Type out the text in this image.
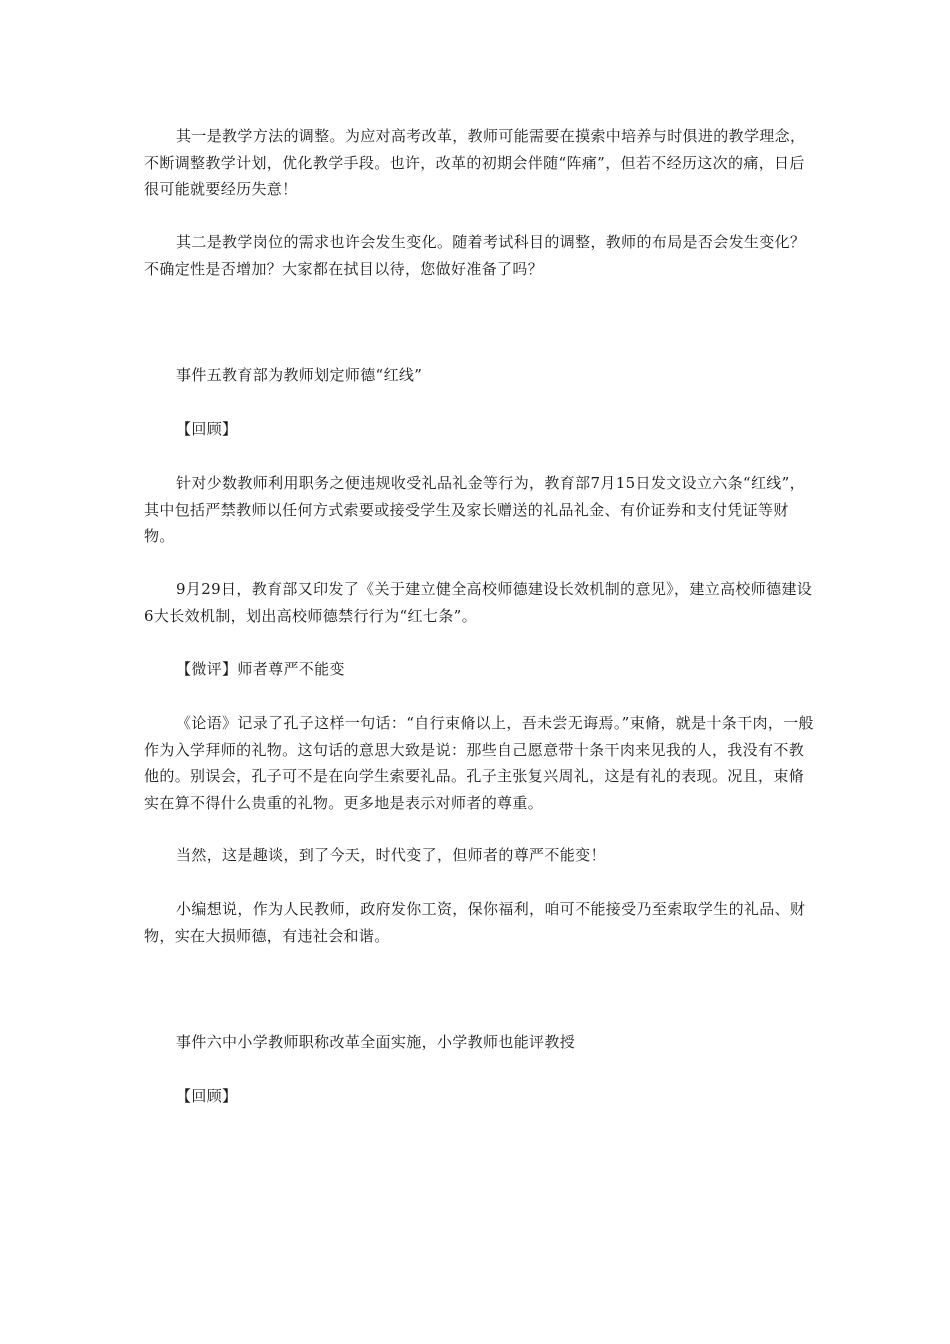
其一是教学方法的调整。为应对高考改革，教师可能需要在摸索中培养与时俱进的教学理念，不断调整教学计划，优化教学手段。也许，改革的初期会伴随“阵痛”，但若不经历这次的痛，日后很可能就要经历失意！

其二是教学岗位的需求也许会发生变化。随着考试科目的调整，教师的布局是否会发生变化？不确定性是否增加？大家都在拭目以待，您做好准备了吗？

事件五教育部为教师划定师德“红线”

【回顾】

针对少数教师利用职务之便违规收受礼品礼金等行为，教育部7月15日发文设立六条“红线”，其中包括严禁教师以任何方式索要或接受学生及家长赠送的礼品礼金、有价证券和支付凭证等财物。

9月29日，教育部又印发了《关于建立健全高校师德建设长效机制的意见》，建立高校师德建设6大长效机制，划出高校师德禁行行为“红七条”。

【微评】师者尊严不能变

《论语》记录了孔子这样一句话：“自行束脩以上，吾未尝无诲焉。”束脩，就是十条干肉，一般作为入学拜师的礼物。这句话的意思大致是说：那些自己愿意带十条干肉来见我的人，我没有不教他的。别误会，孔子可不是在向学生索要礼品。孔子主张复兴周礼，这是有礼的表现。况且，束脩实在算不得什么贵重的礼物。更多地是表示对师者的尊重。

当然，这是趣谈，到了今天，时代变了，但师者的尊严不能变！

小编想说，作为人民教师，政府发你工资，保你福利，咱可不能接受乃至索取学生的礼品、财物，实在大损师德，有违社会和谐。

事件六中小学教师职称改革全面实施，小学教师也能评教授

【回顾】
